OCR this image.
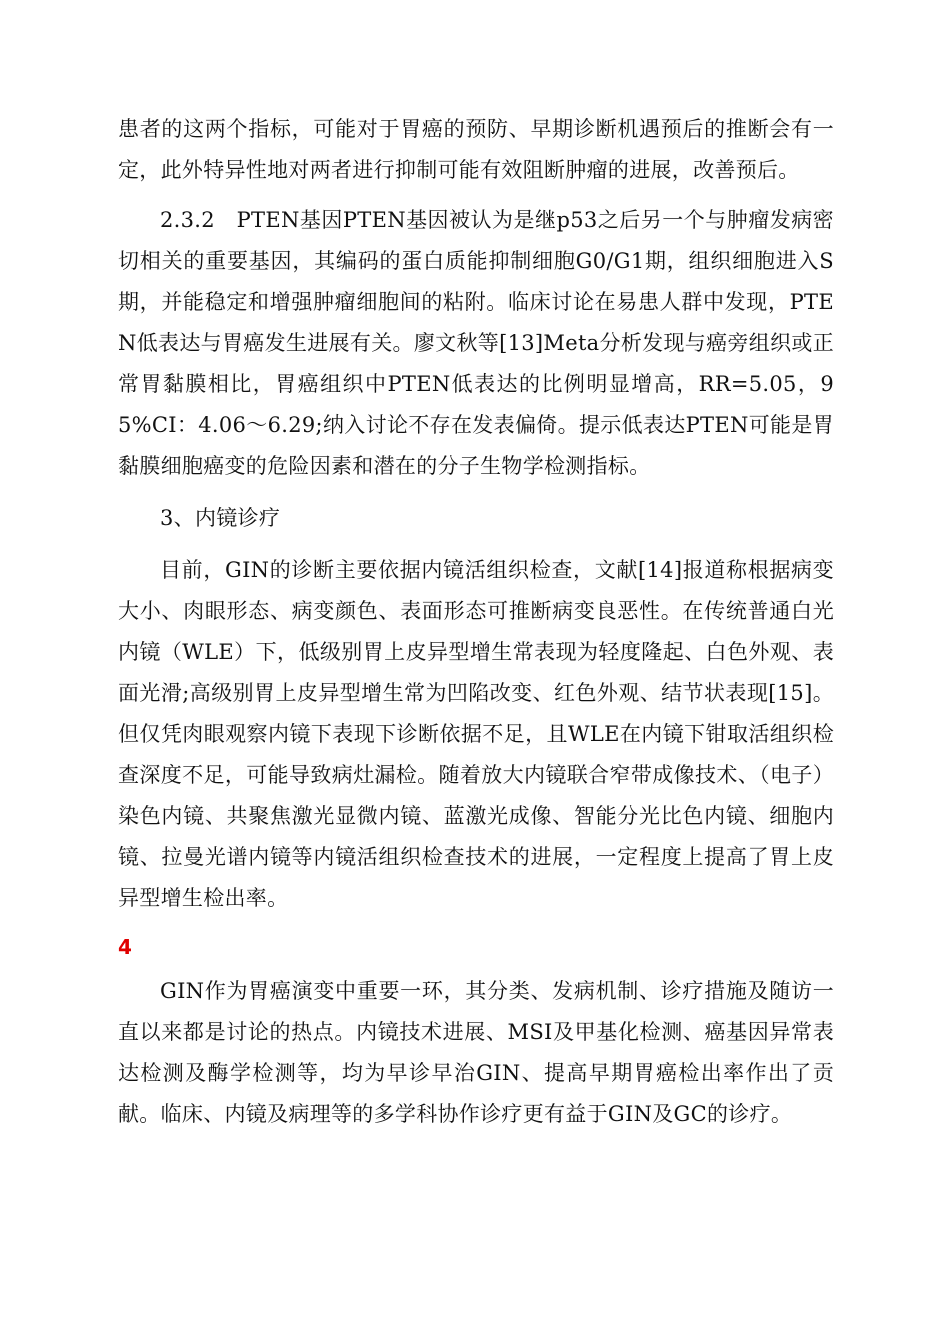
患者的这两个指标，可能对于胃癌的预防、早期诊断机遇预后的推断会有一定，此外特异性地对两者进行抑制可能有效阻断肿瘤的进展，改善预后。

2.3.2　PTEN基因PTEN基因被认为是继p53之后另一个与肿瘤发病密切相关的重要基因，其编码的蛋白质能抑制细胞G0/G1期，组织细胞进入S期，并能稳定和增强肿瘤细胞间的粘附。临床讨论在易患人群中发现，PTEN低表达与胃癌发生进展有关。廖文秋等[13]Meta分析发现与癌旁组织或正常胃黏膜相比，胃癌组织中PTEN低表达的比例明显增高，RR=5.05，95%CI：4.06～6.29;纳入讨论不存在发表偏倚。提示低表达PTEN可能是胃黏膜细胞癌变的危险因素和潜在的分子生物学检测指标。

3、内镜诊疗

目前，GIN的诊断主要依据内镜活组织检查，文献[14]报道称根据病变大小、肉眼形态、病变颜色、表面形态可推断病变良恶性。在传统普通白光内镜（WLE）下，低级别胃上皮异型增生常表现为轻度隆起、白色外观、表面光滑;高级别胃上皮异型增生常为凹陷改变、红色外观、结节状表现[15]。但仅凭肉眼观察内镜下表现下诊断依据不足，且WLE在内镜下钳取活组织检查深度不足，可能导致病灶漏检。随着放大内镜联合窄带成像技术、（电子）染色内镜、共聚焦激光显微内镜、蓝激光成像、智能分光比色内镜、细胞内镜、拉曼光谱内镜等内镜活组织检查技术的进展，一定程度上提高了胃上皮异型增生检出率。

4

GIN作为胃癌演变中重要一环，其分类、发病机制、诊疗措施及随访一直以来都是讨论的热点。内镜技术进展、MSI及甲基化检测、癌基因异常表达检测及酶学检测等，均为早诊早治GIN、提高早期胃癌检出率作出了贡献。临床、内镜及病理等的多学科协作诊疗更有益于GIN及GC的诊疗。
